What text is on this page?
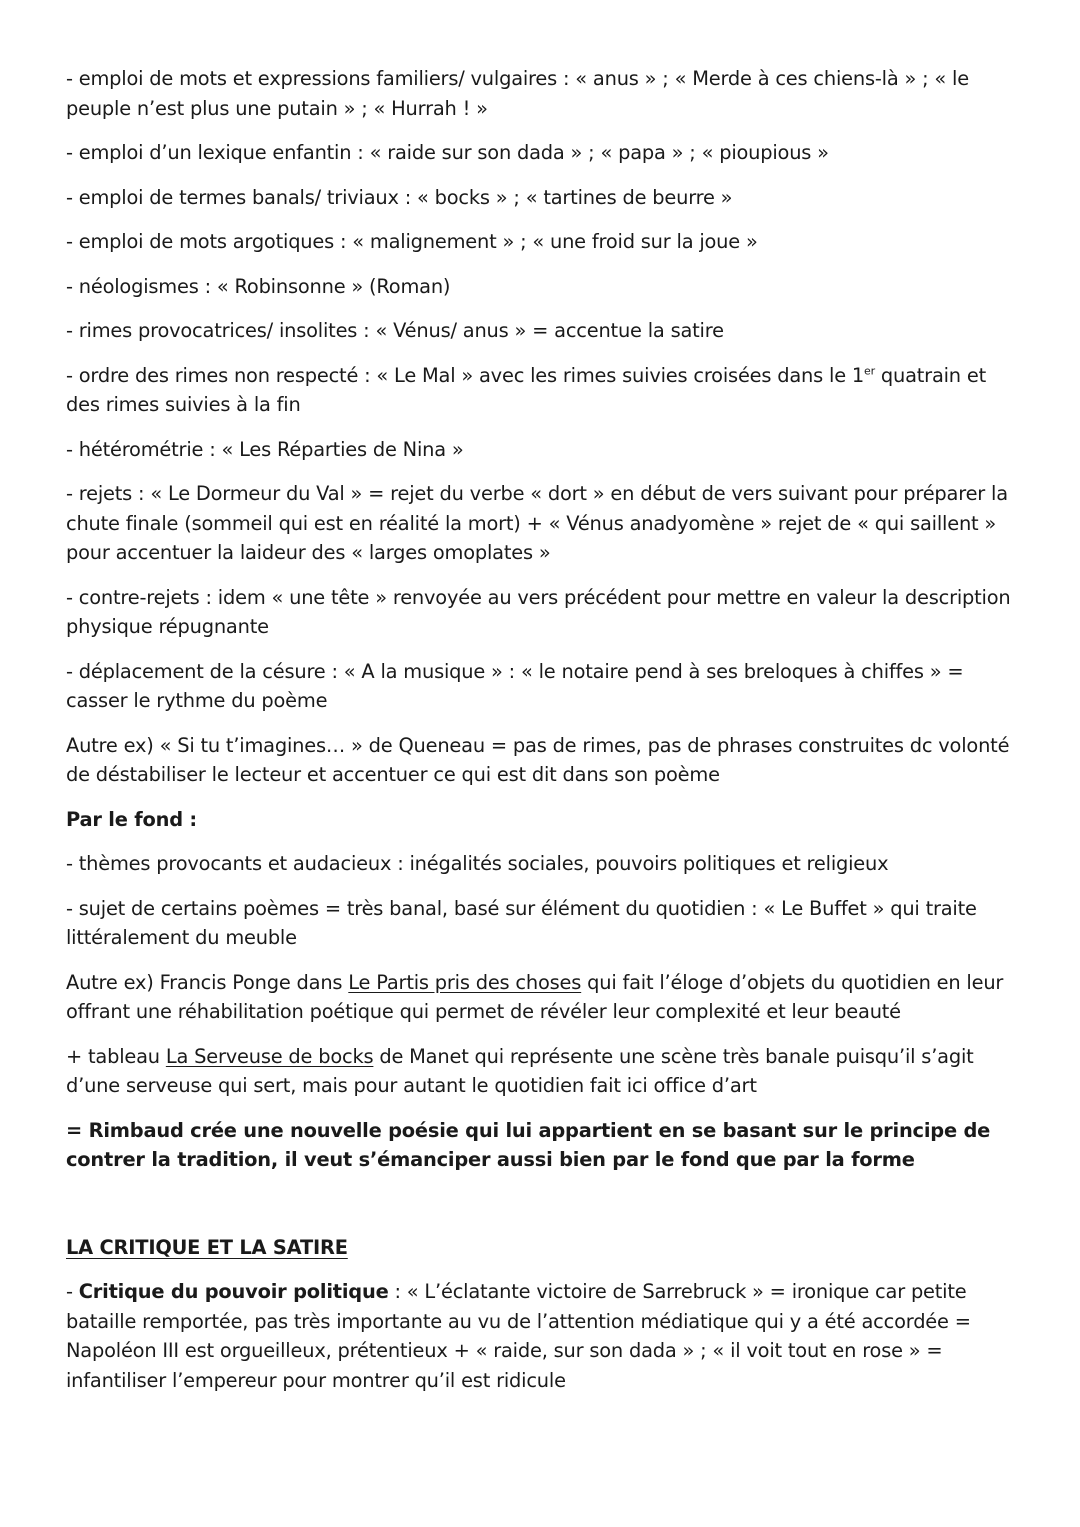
- emploi de mots et expressions familiers/ vulgaires : « anus » ; « Merde à ces chiens-là » ; « le peuple n’est plus une putain » ; « Hurrah ! »

- emploi d’un lexique enfantin : « raide sur son dada » ; « papa » ; « pioupious »

- emploi de termes banals/ triviaux : « bocks » ; « tartines de beurre »

- emploi de mots argotiques : « malignement » ; « une froid sur la joue »

- néologismes : « Robinsonne » (Roman)

- rimes provocatrices/ insolites : « Vénus/ anus » = accentue la satire

- ordre des rimes non respecté : « Le Mal » avec les rimes suivies croisées dans le 1er quatrain et des rimes suivies à la fin

- hétérométrie : « Les Réparties de Nina »

- rejets : « Le Dormeur du Val » = rejet du verbe « dort » en début de vers suivant pour préparer la chute finale (sommeil qui est en réalité la mort) + « Vénus anadyomène » rejet de « qui saillent » pour accentuer la laideur des « larges omoplates »

- contre-rejets : idem « une tête » renvoyée au vers précédent pour mettre en valeur la description physique répugnante

- déplacement de la césure : « A la musique » : « le notaire pend à ses breloques à chiffes » = casser le rythme du poème

Autre ex) « Si tu t’imagines… » de Queneau = pas de rimes, pas de phrases construites dc volonté de déstabiliser le lecteur et accentuer ce qui est dit dans son poème

Par le fond :

- thèmes provocants et audacieux : inégalités sociales, pouvoirs politiques et religieux

- sujet de certains poèmes = très banal, basé sur élément du quotidien : « Le Buffet » qui traite littéralement du meuble

Autre ex) Francis Ponge dans Le Partis pris des choses qui fait l’éloge d’objets du quotidien en leur offrant une réhabilitation poétique qui permet de révéler leur complexité et leur beauté

+ tableau La Serveuse de bocks de Manet qui représente une scène très banale puisqu’il s’agit d’une serveuse qui sert, mais pour autant le quotidien fait ici office d’art

= Rimbaud crée une nouvelle poésie qui lui appartient en se basant sur le principe de contrer la tradition, il veut s’émanciper aussi bien par le fond que par la forme

LA CRITIQUE ET LA SATIRE

- Critique du pouvoir politique : « L’éclatante victoire de Sarrebruck » = ironique car petite bataille remportée, pas très importante au vu de l’attention médiatique qui y a été accordée = Napoléon III est orgueilleux, prétentieux + « raide, sur son dada » ; « il voit tout en rose » = infantiliser l’empereur pour montrer qu’il est ridicule
